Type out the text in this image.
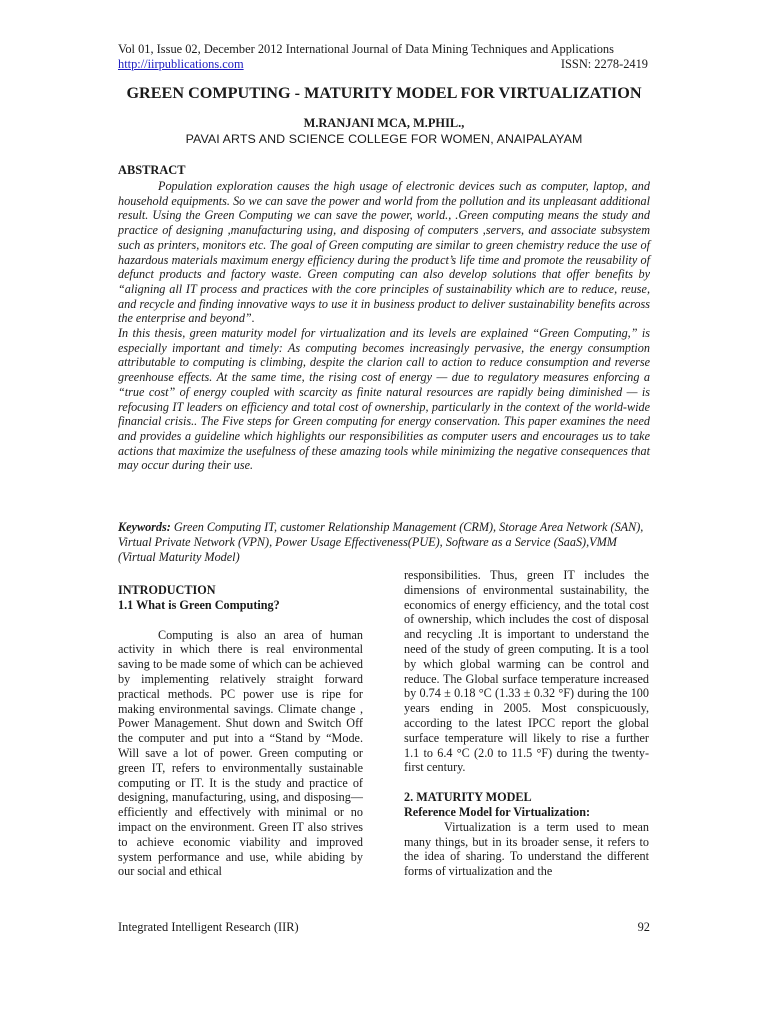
Vol 01, Issue 02, December 2012 International Journal of Data Mining Techniques and Applications
http://iirpublications.com	ISSN: 2278-2419
GREEN COMPUTING - MATURITY MODEL FOR VIRTUALIZATION
M.RANJANI MCA, M.PHIL.,
PAVAI ARTS AND SCIENCE COLLEGE FOR WOMEN, ANAIPALAYAM
ABSTRACT

Population exploration causes the high usage of electronic devices such as computer, laptop, and household equipments. So we can save the power and world from the pollution and its unpleasant additional result. Using the Green Computing we can save the power, world., .Green computing means the study and practice of designing ,manufacturing using, and disposing of computers ,servers, and associate subsystem such as printers, monitors etc. The goal of Green computing are similar to green chemistry reduce the use of hazardous materials maximum energy efficiency during the product’s life time and promote the reusability of defunct products and factory waste. Green computing can also develop solutions that offer benefits by “aligning all IT process and practices with the core principles of sustainability which are to reduce, reuse, and recycle and finding innovative ways to use it in business product to deliver sustainability benefits across the enterprise and beyond”.

In this thesis, green maturity model for virtualization and its levels are explained “Green Computing,” is especially important and timely: As computing becomes increasingly pervasive, the energy consumption attributable to computing is climbing, despite the clarion call to action to reduce consumption and reverse greenhouse effects. At the same time, the rising cost of energy — due to regulatory measures enforcing a “true cost” of energy coupled with scarcity as finite natural resources are rapidly being diminished — is refocusing IT leaders on efficiency and total cost of ownership, particularly in the context of the world-wide financial crisis.. The Five steps for Green computing for energy conservation. This paper examines the need and provides a guideline which highlights our responsibilities as computer users and encourages us to take actions that maximize the usefulness of these amazing tools while minimizing the negative consequences that may occur during their use.

Keywords: Green Computing IT, customer Relationship Management (CRM), Storage Area Network (SAN), Virtual Private Network (VPN), Power Usage Effectiveness(PUE), Software as a Service (SaaS),VMM (Virtual Maturity Model)

INTRODUCTION

1.1 What is Green Computing?

Computing is also an area of human activity in which there is real environmental saving to be made some of which can be achieved by implementing relatively straight forward practical methods. PC power use is ripe for making environmental savings. Climate change , Power Management. Shut down and Switch Off the computer and put into a “Stand by “Mode. Will save a lot of power. Green computing or green IT, refers to environmentally sustainable computing or IT. It is the study and practice of designing, manufacturing, using, and disposing—efficiently and effectively with minimal or no impact on the environment. Green IT also strives to achieve economic viability and improved system performance and use, while abiding by our social and ethical

responsibilities. Thus, green IT includes the dimensions of environmental sustainability, the economics of energy efficiency, and the total cost of ownership, which includes the cost of disposal and recycling .It is important to understand the need of the study of green computing. It is a tool by which global warming can be control and reduce. The Global surface temperature increased by 0.74 ± 0.18 °C (1.33 ± 0.32 °F) during the 100 years ending in 2005. Most conspicuously, according to the latest IPCC report the global surface temperature will likely to rise a further 1.1 to 6.4 °C (2.0 to 11.5 °F) during the twenty-first century.

2. MATURITY MODEL

Reference Model for Virtualization:

Virtualization is a term used to mean many things, but in its broader sense, it refers to the idea of sharing. To understand the different forms of virtualization and the

Integrated Intelligent Research (IIR)	92
